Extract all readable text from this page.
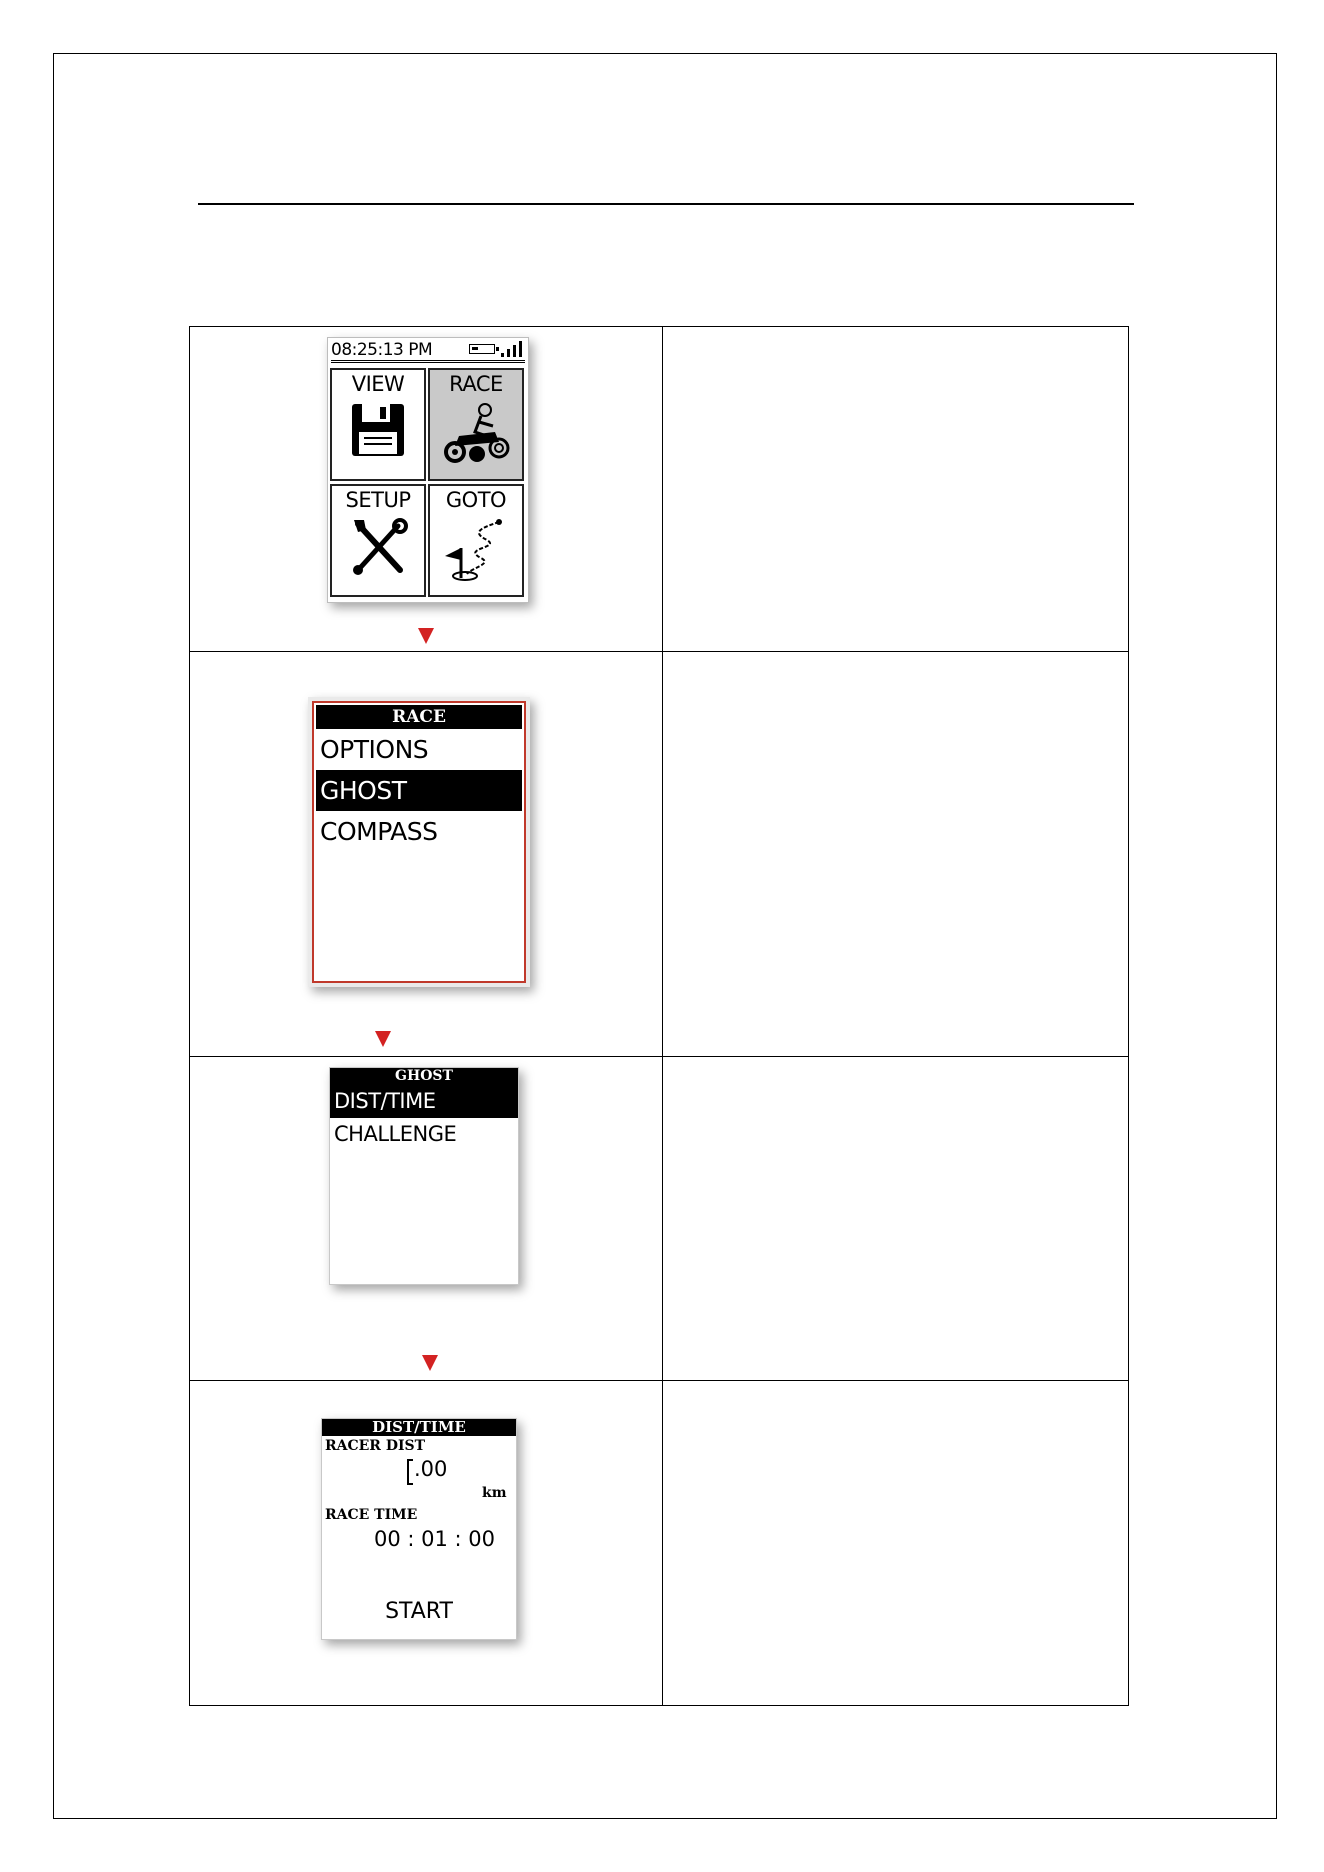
08:25:13 PM
VIEW	RACE
SETUP	GOTO
RACE
OPTIONS
GHOST
COMPASS
GHOST
DIST/TIME
CHALLENGE
DIST/TIME
RACER DIST
.00
km
RACE TIME
00 : 01 : 00
START
